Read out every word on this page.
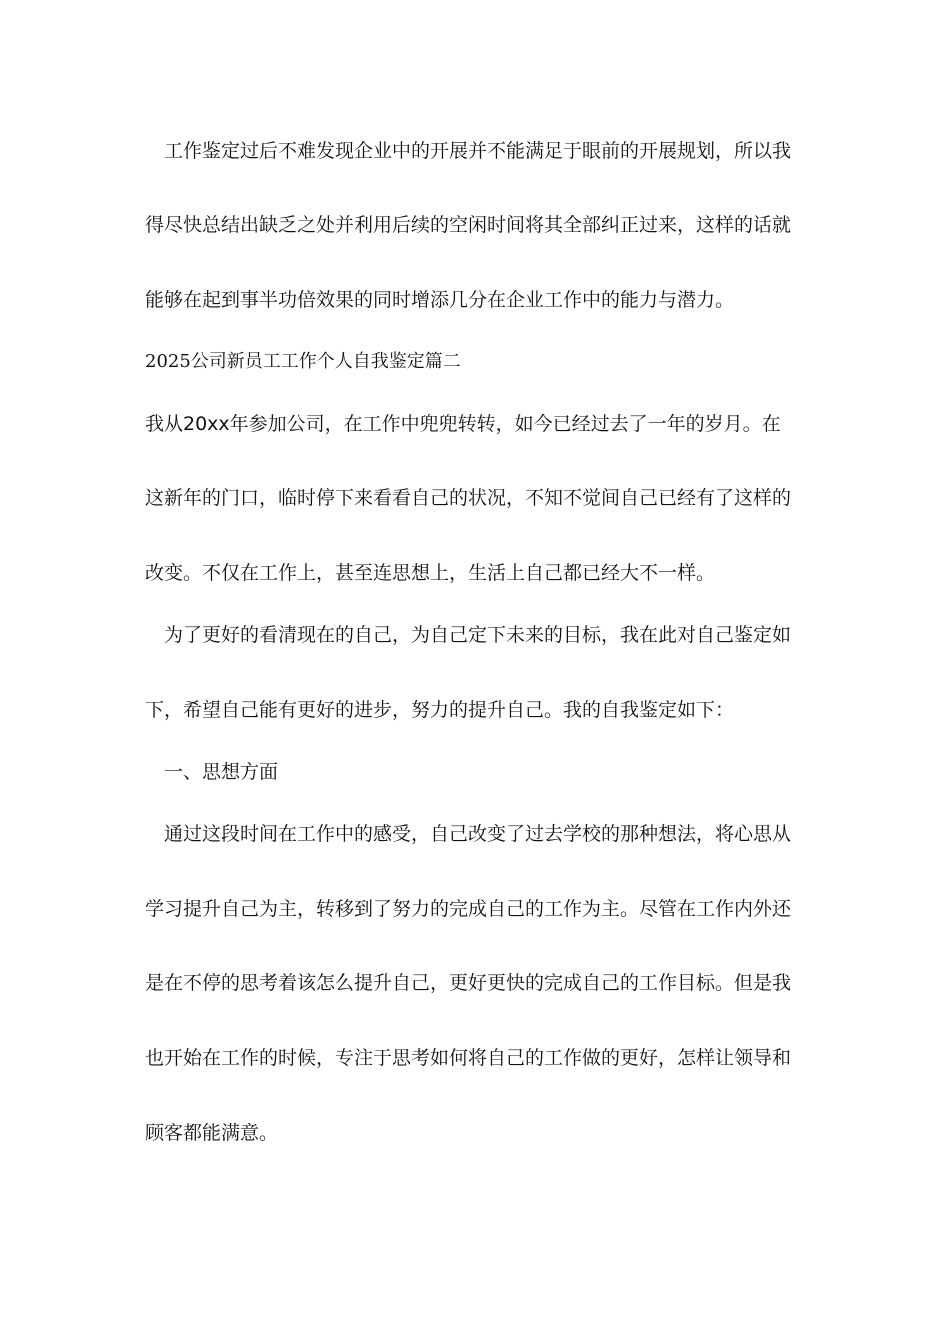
　工作鉴定过后不难发现企业中的开展并不能满足于眼前的开展规划，所以我
得尽快总结出缺乏之处并利用后续的空闲时间将其全部纠正过来，这样的话就
能够在起到事半功倍效果的同时增添几分在企业工作中的能力与潜力。
2025公司新员工工作个人自我鉴定篇二
我从20xx年参加公司，在工作中兜兜转转，如今已经过去了一年的岁月。在
这新年的门口，临时停下来看看自己的状况，不知不觉间自己已经有了这样的
改变。不仅在工作上，甚至连思想上，生活上自己都已经大不一样。
　为了更好的看清现在的自己，为自己定下未来的目标，我在此对自己鉴定如
下，希望自己能有更好的进步，努力的提升自己。我的自我鉴定如下：
　一、思想方面
　通过这段时间在工作中的感受，自己改变了过去学校的那种想法，将心思从
学习提升自己为主，转移到了努力的完成自己的工作为主。尽管在工作内外还
是在不停的思考着该怎么提升自己，更好更快的完成自己的工作目标。但是我
也开始在工作的时候，专注于思考如何将自己的工作做的更好，怎样让领导和
顾客都能满意。
